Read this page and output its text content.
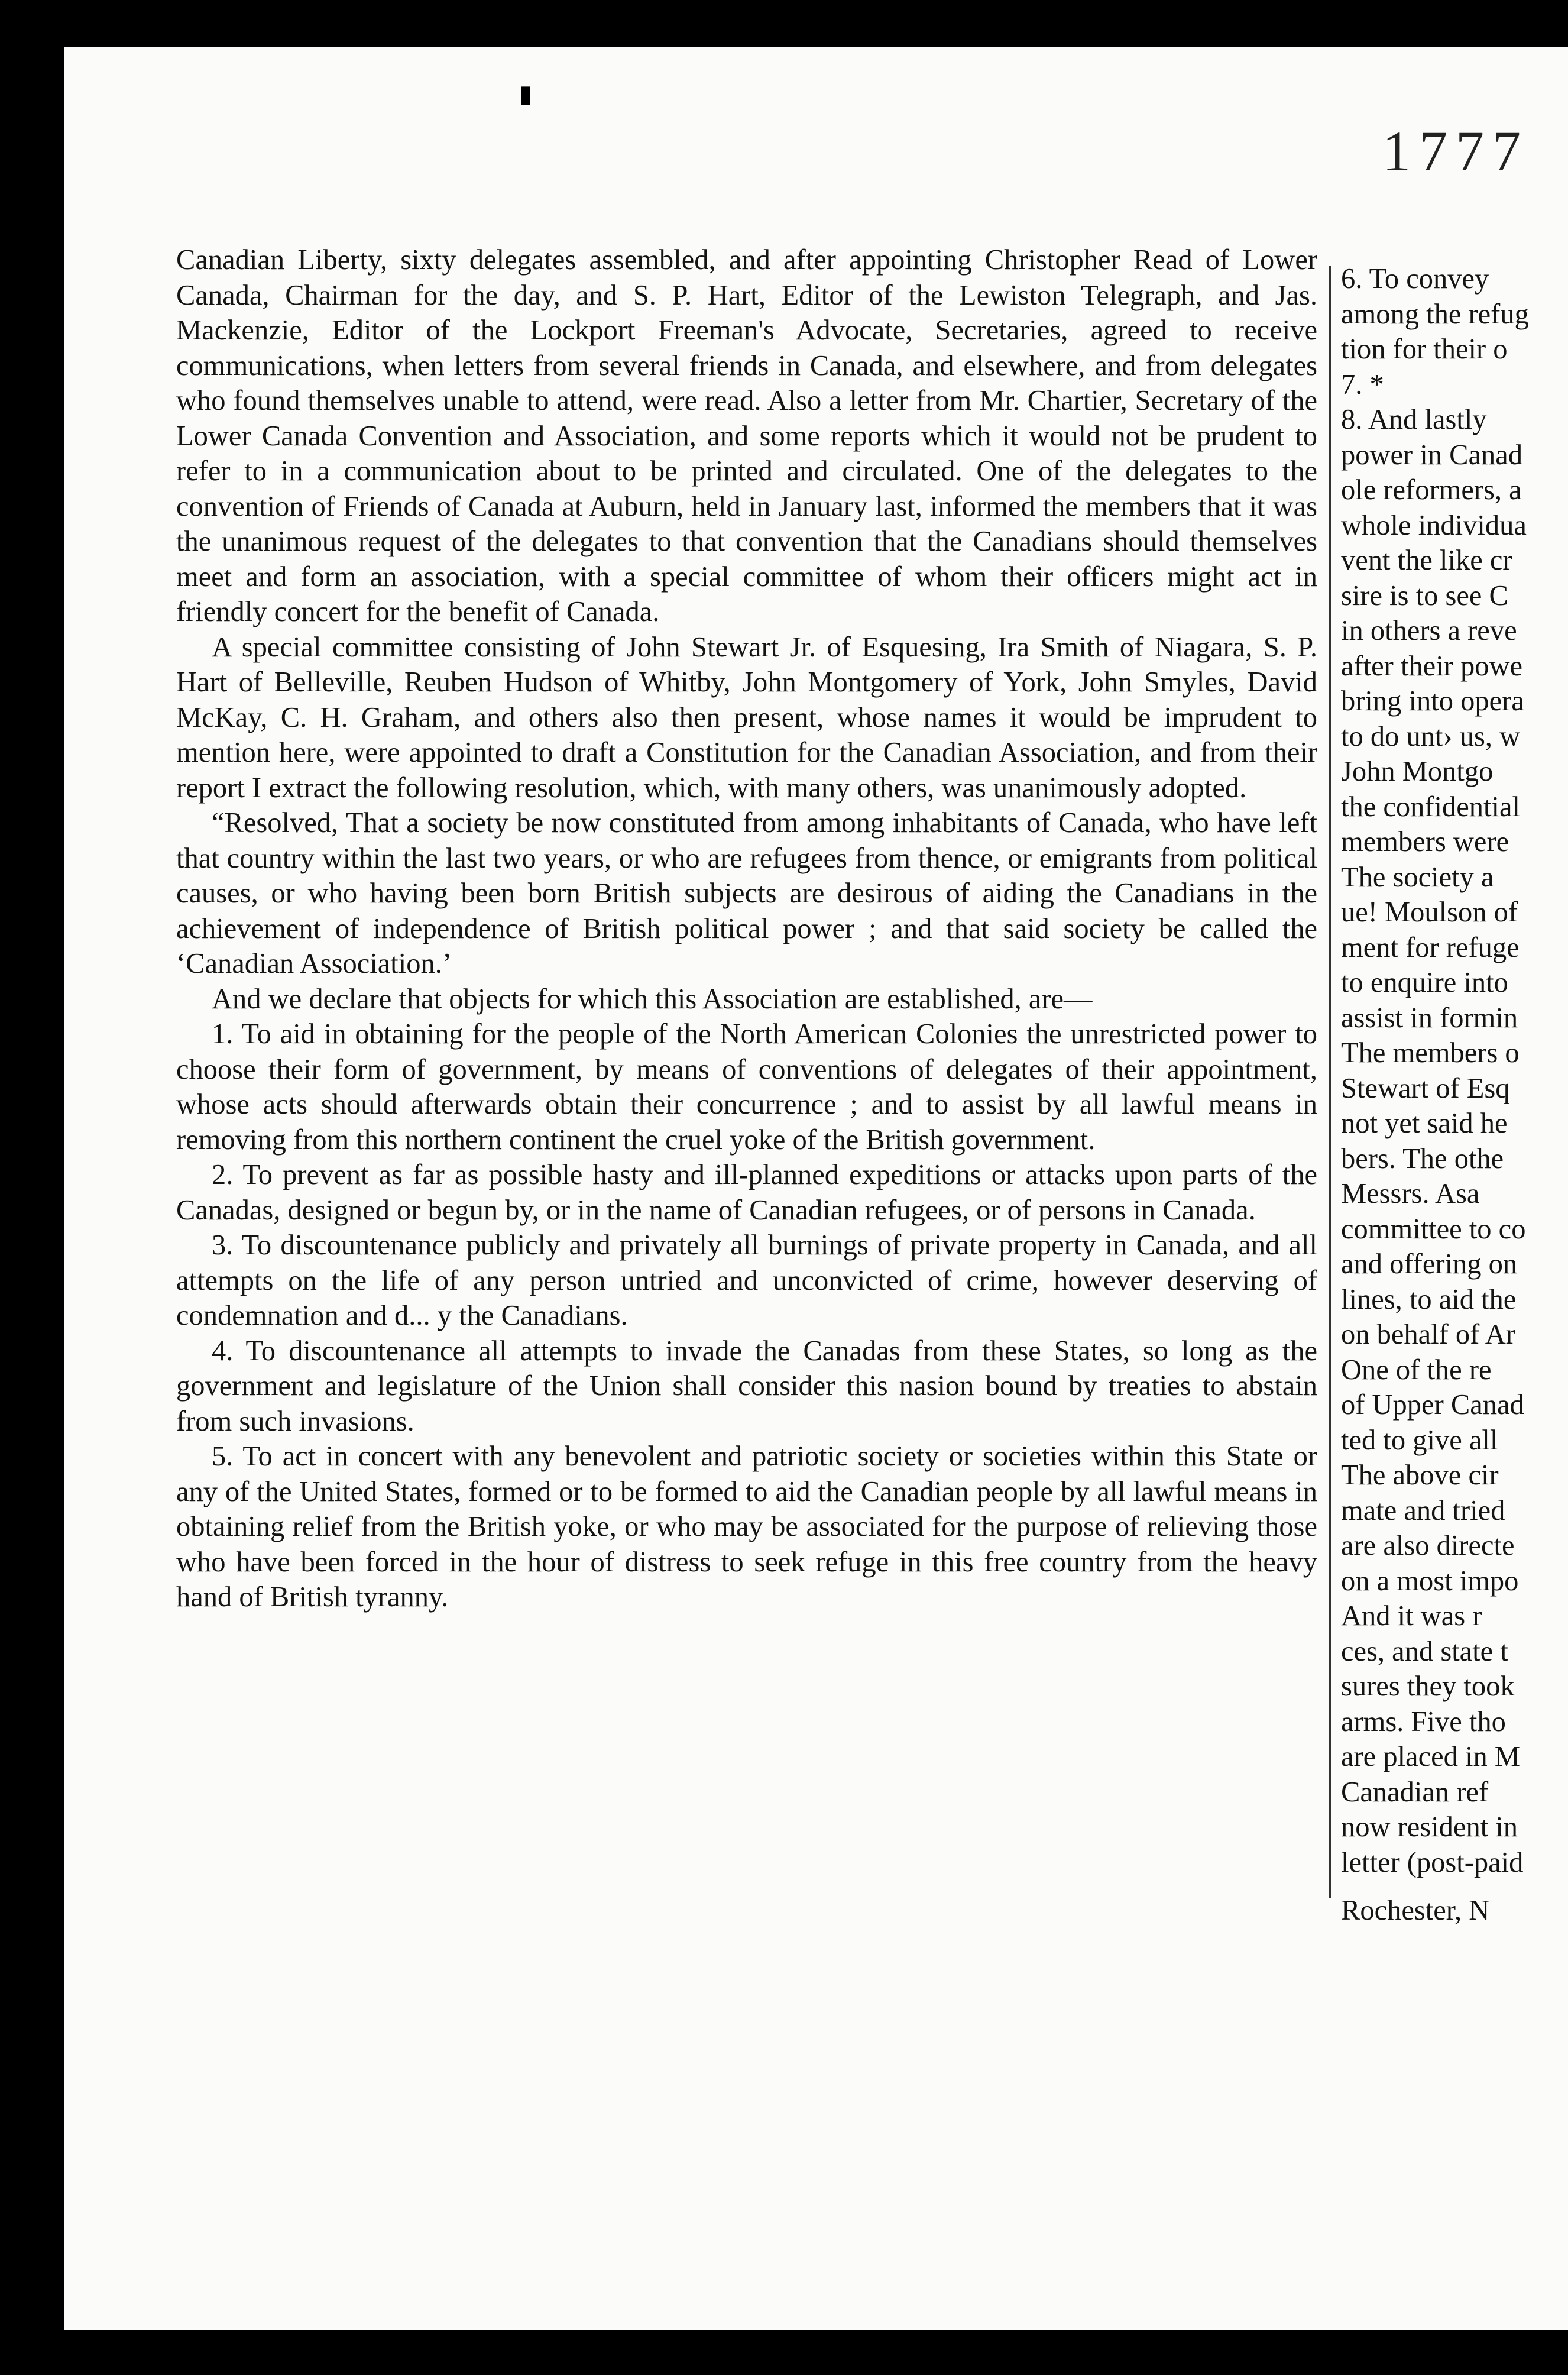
▮
1777

Canadian Liberty, sixty delegates assembled, and after appointing Christopher Read of Lower Canada, Chairman for the day, and S. P. Hart, Editor of the Lewiston Telegraph, and Jas. Mackenzie, Editor of the Lockport Freeman's Advocate, Secretaries, agreed to receive communications, when letters from several friends in Canada, and elsewhere, and from delegates who found themselves unable to attend, were read. Also a letter from Mr. Chartier, Secretary of the Lower Canada Convention and Association, and some reports which it would not be prudent to refer to in a communication about to be printed and circulated. One of the delegates to the convention of Friends of Canada at Auburn, held in January last, informed the members that it was the unanimous request of the delegates to that convention that the Canadians should themselves meet and form an association, with a special committee of whom their officers might act in friendly concert for the benefit of Canada.

A special committee consisting of John Stewart Jr. of Esquesing, Ira Smith of Niagara, S. P. Hart of Belleville, Reuben Hudson of Whitby, John Montgomery of York, John Smyles, David McKay, C. H. Graham, and others also then present, whose names it would be imprudent to mention here, were appointed to draft a Constitution for the Canadian Association, and from their report I extract the following resolution, which, with many others, was unanimously adopted.

“Resolved, That a society be now constituted from among inhabitants of Canada, who have left that country within the last two years, or who are refugees from thence, or emigrants from political causes, or who having been born British subjects are desirous of aiding the Canadians in the achievement of independence of British political power ; and that said society be called the ‘Canadian Association.’

And we declare that objects for which this Association are established, are—

1. To aid in obtaining for the people of the North American Colonies the unrestricted power to choose their form of government, by means of conventions of delegates of their appointment, whose acts should afterwards obtain their concurrence ; and to assist by all lawful means in removing from this northern continent the cruel yoke of the British government.

2. To prevent as far as possible hasty and ill-planned expeditions or attacks upon parts of the Canadas, designed or begun by, or in the name of Canadian refugees, or of persons in Canada.

3. To discountenance publicly and privately all burnings of private property in Canada, and all attempts on the life of any person untried and unconvicted of crime, however deserving of condemnation and d... y the Canadians.

4. To discountenance all attempts to invade the Canadas from these States, so long as the government and legislature of the Union shall consider this nasion bound by treaties to abstain from such invasions.

5. To act in concert with any benevolent and patriotic society or societies within this State or any of the United States, formed or to be formed to aid the Canadian people by all lawful means in obtaining relief from the British yoke, or who may be associated for the purpose of relieving those who have been forced in the hour of distress to seek refuge in this free country from the heavy hand of British tyranny.

6. To convey
among the refug
tion for their o
7. *
8. And lastly
power in Canad
ole reformers, a
whole individua
vent the like cr
sire is to see C
in others a reve
after their powe
bring into opera
to do unt› us, w
John Montgo
the confidential
members were
The society a
ue! Moulson of
ment for refuge
to enquire into
assist in formin
The members o
Stewart of Esq
not yet said he
bers. The othe
Messrs. Asa
committee to co
and offering on
lines, to aid the
on behalf of Ar
One of the re
of Upper Canad
ted to give all
The above cir
mate and tried
are also directe
on a most impo
And it was r
ces, and state t
sures they took
arms. Five tho
are placed in M
Canadian ref
now resident in
letter (post-paid
Rochester, N
